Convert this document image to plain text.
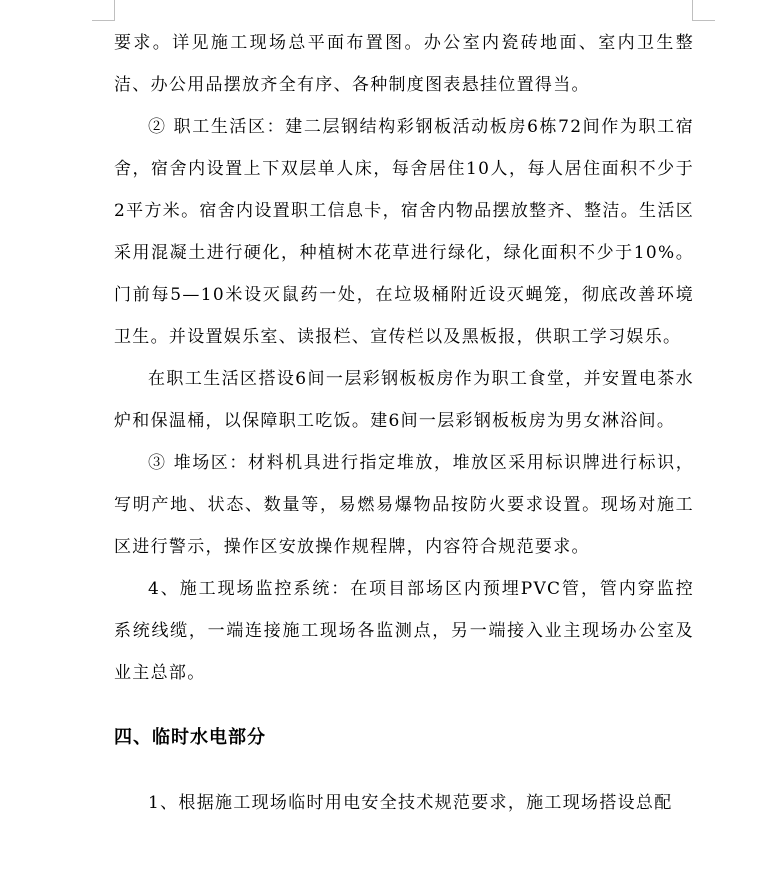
要求。详见施工现场总平面布置图。办公室内瓷砖地面、室内卫生整洁、办公用品摆放齐全有序、各种制度图表悬挂位置得当。

② 职工生活区：建二层钢结构彩钢板活动板房6栋72间作为职工宿舍，宿舍内设置上下双层单人床，每舍居住10人，每人居住面积不少于2平方米。宿舍内设置职工信息卡，宿舍内物品摆放整齐、整洁。生活区采用混凝土进行硬化，种植树木花草进行绿化，绿化面积不少于10%。门前每5—10米设灭鼠药一处，在垃圾桶附近设灭蝇笼，彻底改善环境卫生。并设置娱乐室、读报栏、宣传栏以及黑板报，供职工学习娱乐。

在职工生活区搭设6间一层彩钢板板房作为职工食堂，并安置电茶水炉和保温桶，以保障职工吃饭。建6间一层彩钢板板房为男女淋浴间。

③ 堆场区：材料机具进行指定堆放，堆放区采用标识牌进行标识，写明产地、状态、数量等，易燃易爆物品按防火要求设置。现场对施工区进行警示，操作区安放操作规程牌，内容符合规范要求。

4、施工现场监控系统：在项目部场区内预埋PVC管，管内穿监控系统线缆，一端连接施工现场各监测点，另一端接入业主现场办公室及业主总部。

四、临时水电部分

1、根据施工现场临时用电安全技术规范要求，施工现场搭设总配
